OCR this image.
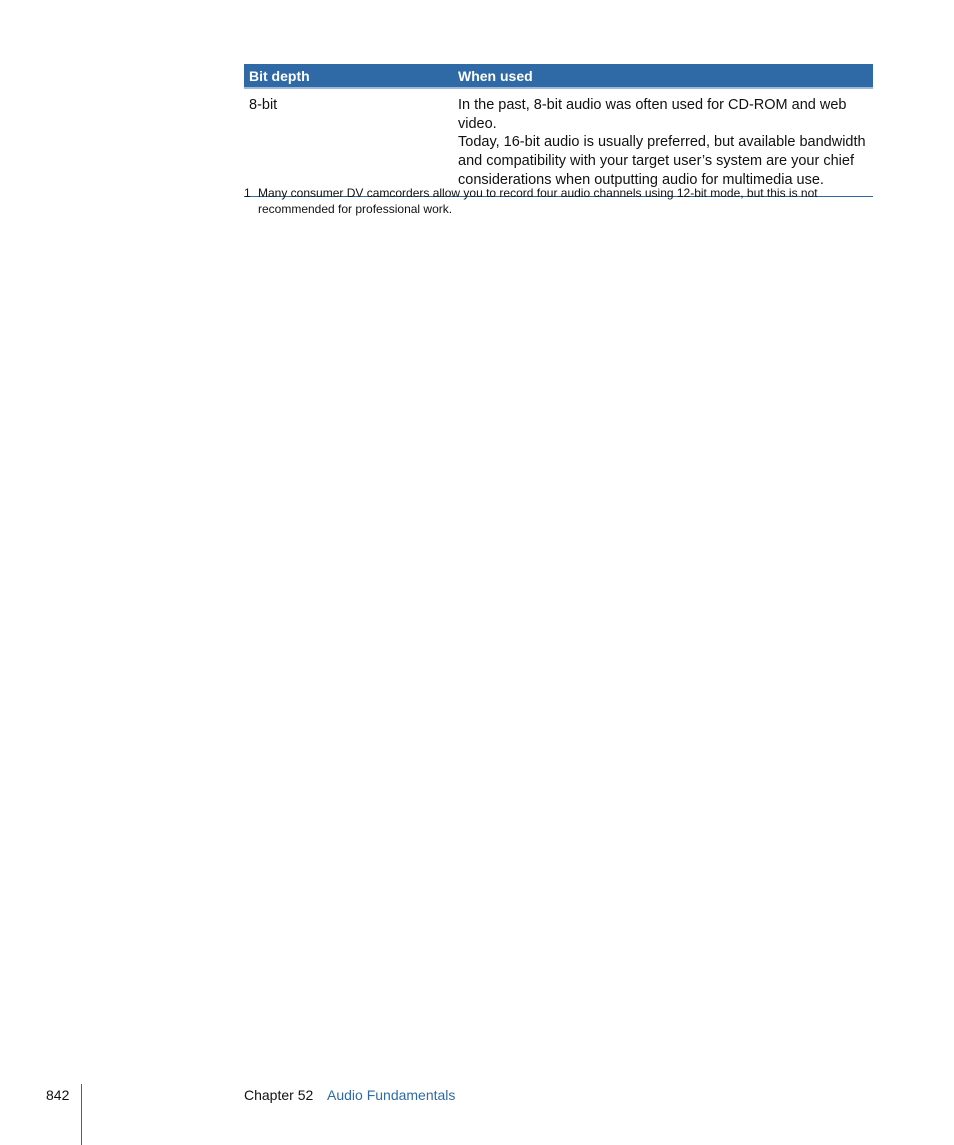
Bit depth	When used
8-bit	In the past, 8-bit audio was often used for CD-ROM and web video.
Today, 16-bit audio is usually preferred, but available bandwidth
and compatibility with your target user’s system are your chief
considerations when outputting audio for multimedia use.
1 Many consumer DV camcorders allow you to record four audio channels using 12-bit mode, but this is not
recommended for professional work.
842	Chapter 52 Audio Fundamentals
